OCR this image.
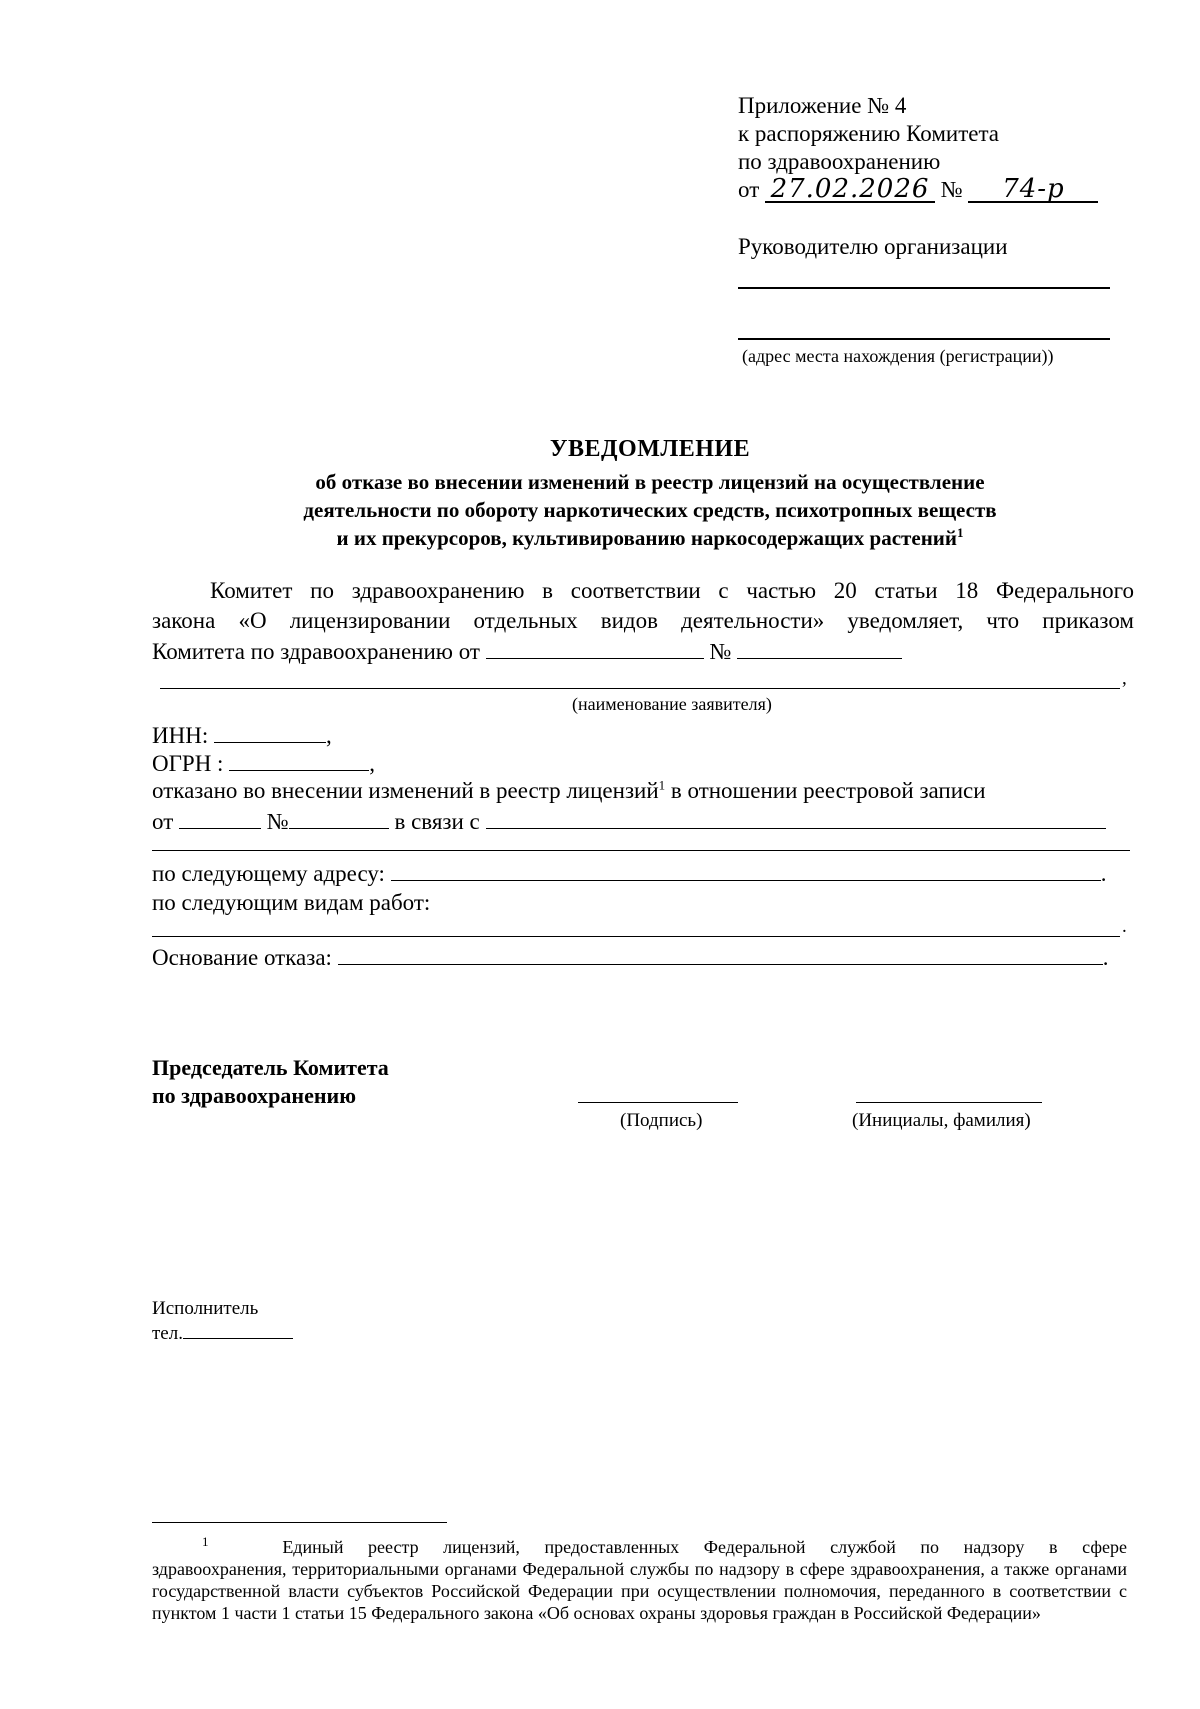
Приложение № 4
к распоряжению Комитета
по здравоохранению
от 27.02.2026 № 74-р
Руководителю организации
(адрес места нахождения (регистрации))
УВЕДОМЛЕНИЕ
об отказе во внесении изменений в реестр лицензий на осуществление
деятельности по обороту наркотических средств, психотропных веществ
и их прекурсоров, культивированию наркосодержащих растений$^1$
Комитет по здравоохранению в соответствии с частью 20 статьи 18 Федерального
закона «О лицензировании отдельных видов деятельности» уведомляет, что приказом
Комитета по здравоохранению от	№
,
(наименование заявителя)
ИНН:	,
ОГРН :	,
отказано во внесении изменений в реестр лицензий$^1$ в отношении реестровой записи
от	№	в связи с
по следующему адресу:	.
по следующим видам работ:
.
Основание отказа:	.
Председатель Комитета
по здравоохранению
(Подпись)	(Инициалы, фамилия)
Исполнитель
тел.
$^1$	Единый реестр лицензий, предоставленных Федеральной службой по надзору в сфере
здравоохранения, территориальными органами Федеральной службы по надзору в сфере здравоохранения, а также органами государственной власти субъектов Российской Федерации при осуществлении полномочия, переданного в соответствии с пунктом 1 части 1 статьи 15 Федерального закона «Об основах охраны здоровья граждан в Российской Федерации»
